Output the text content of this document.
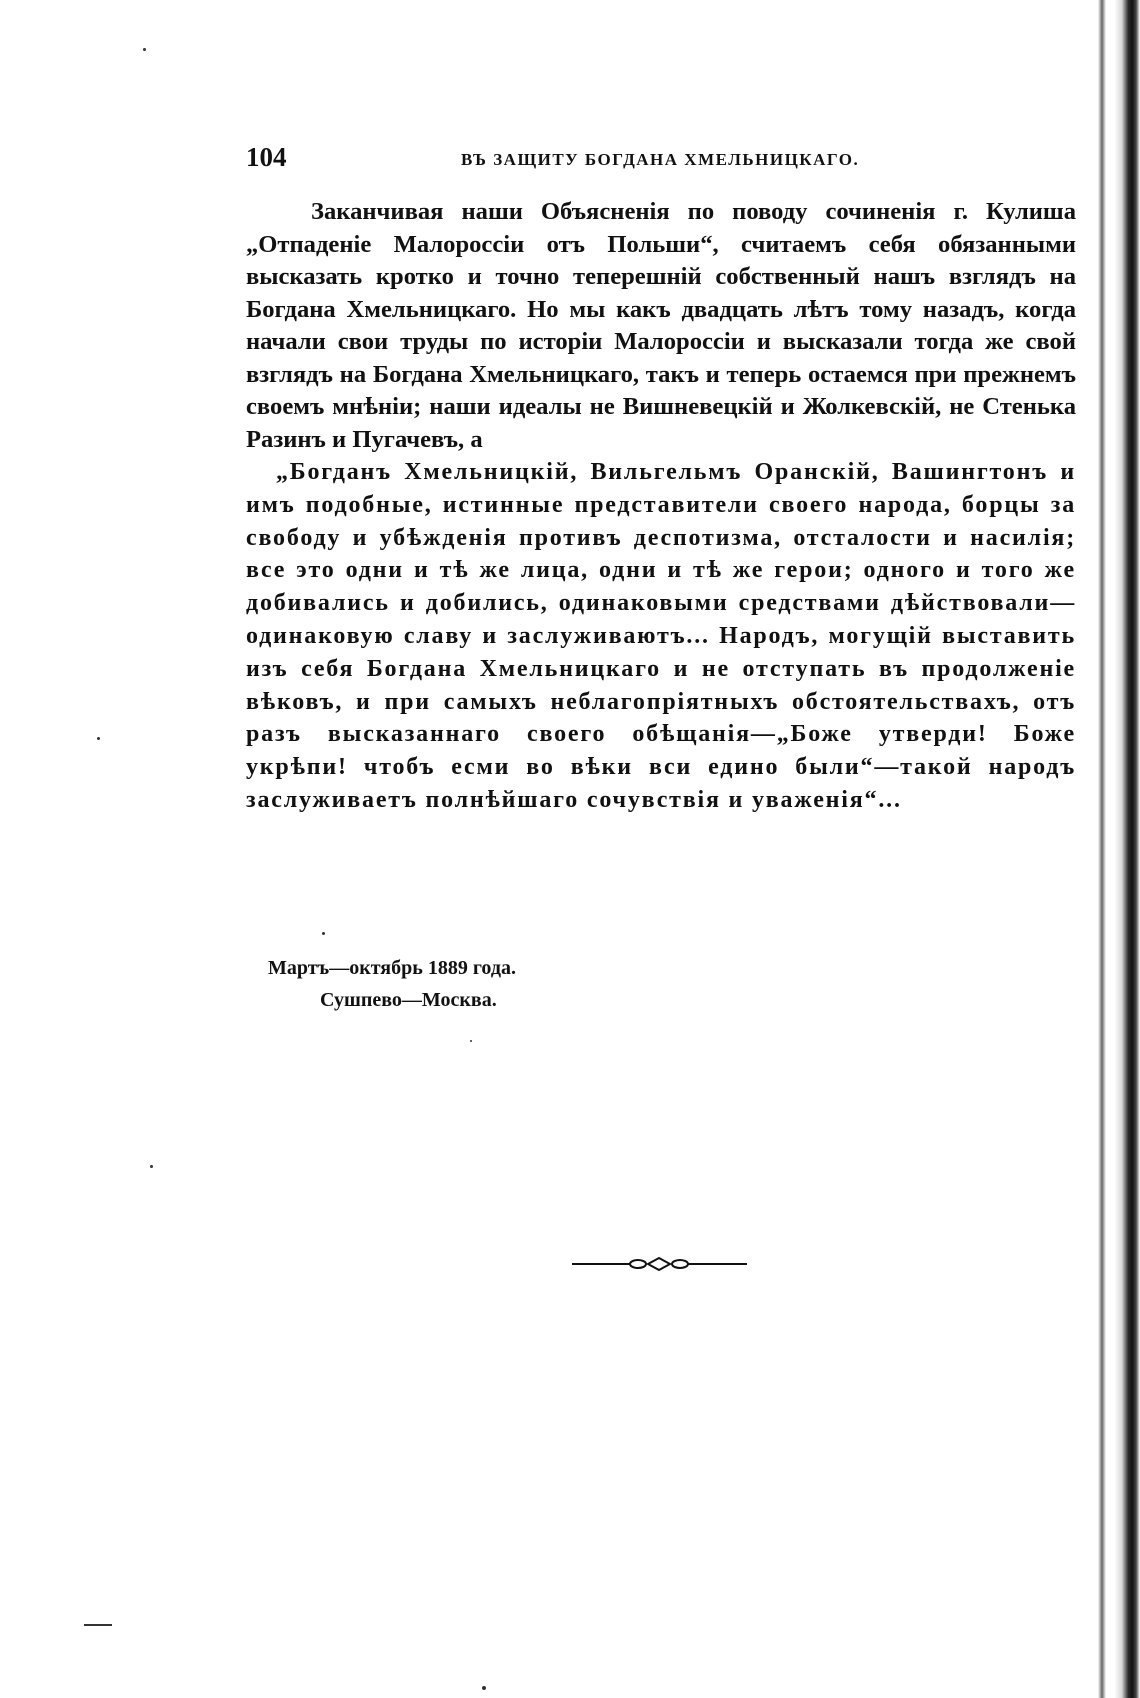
104	ВЪ ЗАЩИТУ БОГДАНА ХМЕЛЬНИЦКАГО.

Заканчивая наши Объясненія по поводу сочиненія г. Кулиша „Отпаденіе Малороссіи отъ Польши“, считаемъ себя обязанными высказать кротко и точно теперешній собственный нашъ взглядъ на Богдана Хмельницкаго. Но мы какъ двадцать лѣтъ тому назадъ, когда начали свои труды по исторіи Малороссіи и высказали тогда же свой взглядъ на Богдана Хмельницкаго, такъ и теперь остаемся при прежнемъ своемъ мнѣніи; наши идеалы не Вишневецкій и Жолкевскій, не Стенька Разинъ и Пугачевъ, а

„Богданъ Хмельницкій, Вильгельмъ Оранскій, Вашингтонъ и имъ подобные, истинные представители своего народа, борцы за свободу и убѣжденія противъ деспотизма, отсталости и насилія; все это одни и тѣ же лица, одни и тѣ же герои; одного и того же добивались и добились, одинаковыми средствами дѣйствовали—одинаковую славу и заслуживаютъ... Народъ, могущій выставить изъ себя Богдана Хмельницкаго и не отступать въ продолженіе вѣковъ, и при самыхъ неблагопріятныхъ обстоятельствахъ, отъ разъ высказаннаго своего обѣщанія—„Боже утверди! Боже укрѣпи! чтобъ есми во вѣки вси едино были“—такой народъ заслуживаетъ полнѣйшаго сочувствія и уваженія“...

Мартъ—октябрь 1889 года.
Сушпево—Москва.
